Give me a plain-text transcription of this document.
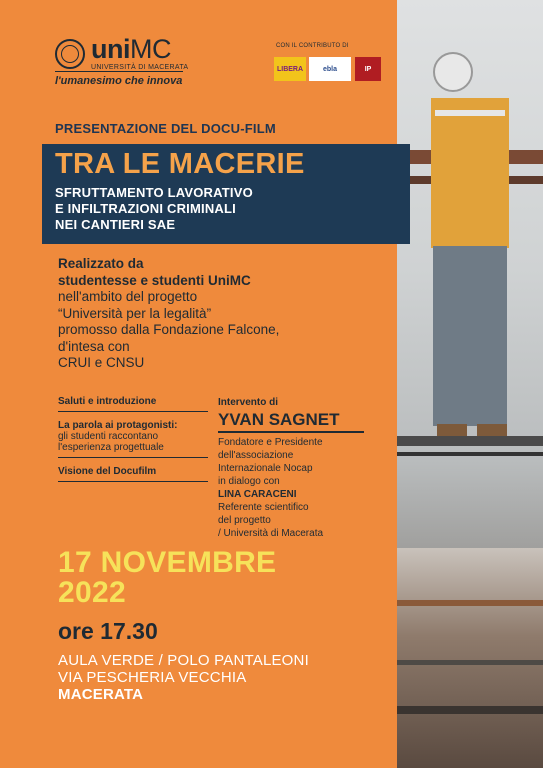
uniMC
UNIVERSITÀ DI MACERATA
l'umanesimo che innova
CON IL CONTRIBUTO DI
LIBERA	ebla	IP
PRESENTAZIONE DEL DOCU-FILM
TRA LE MACERIE
SFRUTTAMENTO LAVORATIVO
E INFILTRAZIONI CRIMINALI
NEI CANTIERI SAE
Realizzato da
studentesse e studenti UniMC
nell'ambito del progetto
“Università per la legalità”
promosso dalla Fondazione Falcone,
d'intesa con
CRUI e CNSU
Saluti e introduzione
La parola ai protagonisti:
gli studenti raccontano
l'esperienza progettuale
Visione del Docufilm
Intervento di
YVAN SAGNET
Fondatore e Presidente
dell'associazione
Internazionale Nocap
in dialogo con
LINA CARACENI
Referente scientifico
del progetto
/ Università di Macerata
17 NOVEMBRE
2022
ore 17.30
AULA VERDE / POLO PANTALEONI
VIA PESCHERIA VECCHIA
MACERATA
